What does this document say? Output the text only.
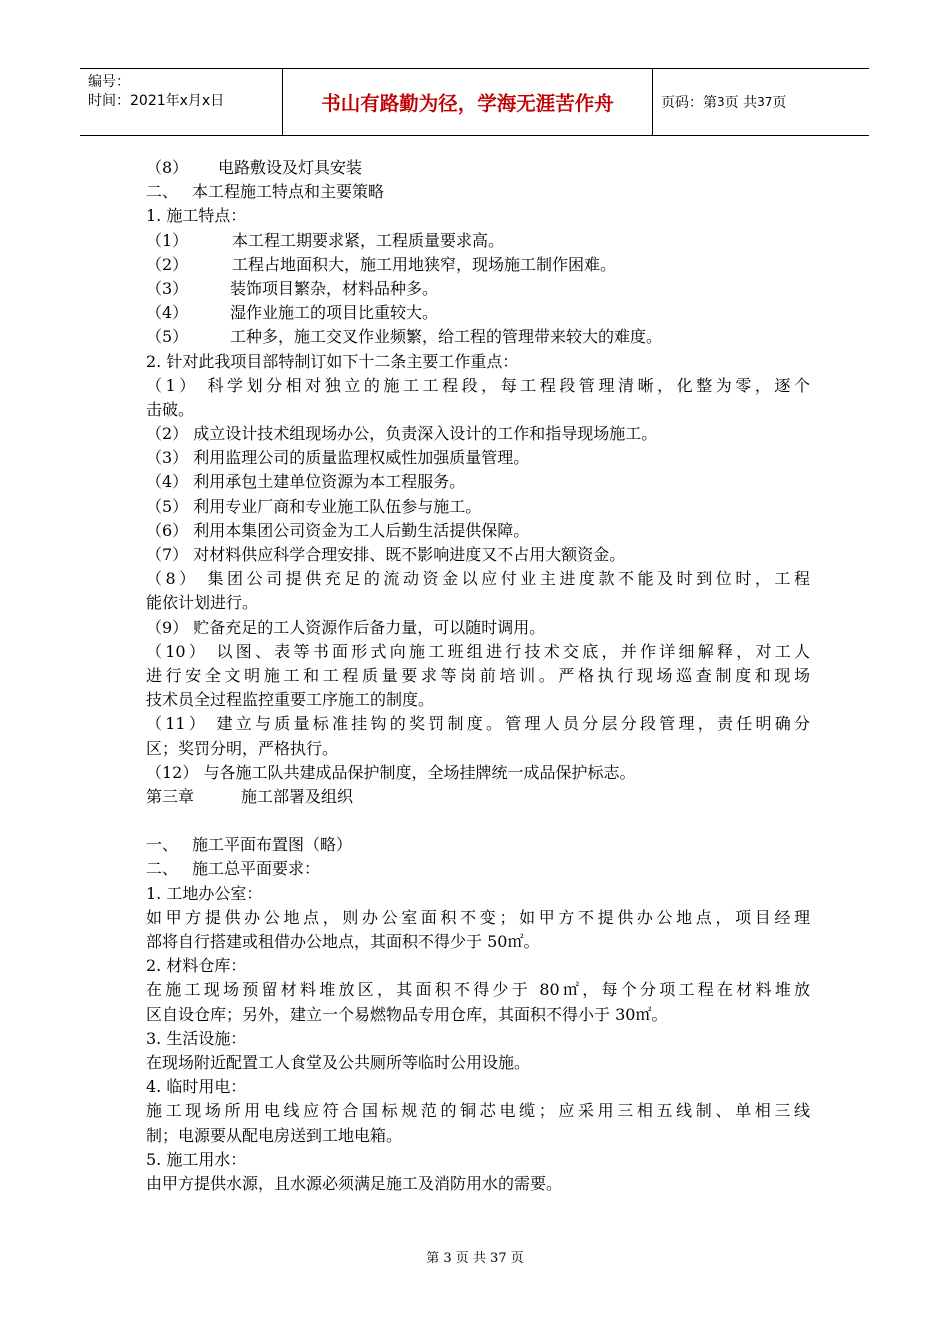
编号：
时间：2021年x月x日	书山有路勤为径，学海无涯苦作舟	页码：第 3 页 共 37 页
（8） 电路敷设及灯具安装
二、 本工程施工特点和主要策略
1. 施工特点：
（1）	本工程工期要求紧，工程质量要求高。
（2）	工程占地面积大，施工用地狭窄，现场施工制作困难。
（3）	装饰项目繁杂，材料品种多。
（4）	湿作业施工的项目比重较大。
（5）	工种多，施工交叉作业频繁，给工程的管理带来较大的难度。
2. 针对此我项目部特制订如下十二条主要工作重点：
（1） 科学划分相对独立的施工工程段，每工程段管理清晰，化整为零，逐个
击破。
（2） 成立设计技术组现场办公，负责深入设计的工作和指导现场施工。
（3） 利用监理公司的质量监理权威性加强质量管理。
（4） 利用承包土建单位资源为本工程服务。
（5） 利用专业厂商和专业施工队伍参与施工。
（6） 利用本集团公司资金为工人后勤生活提供保障。
（7） 对材料供应科学合理安排、既不影响进度又不占用大额资金。
（8） 集团公司提供充足的流动资金以应付业主进度款不能及时到位时，工程
能依计划进行。
（9） 贮备充足的工人资源作后备力量，可以随时调用。
（10） 以图、表等书面形式向施工班组进行技术交底，并作详细解释，对工人
进行安全文明施工和工程质量要求等岗前培训。严格执行现场巡查制度和现场
技术员全过程监控重要工序施工的制度。
（11） 建立与质量标准挂钩的奖罚制度。管理人员分层分段管理，责任明确分
区；奖罚分明，严格执行。
（12） 与各施工队共建成品保护制度，全场挂牌统一成品保护标志。
第三章	施工部署及组织
一、 施工平面布置图（略）
二、 施工总平面要求：
1. 工地办公室：
如甲方提供办公地点，则办公室面积不变；如甲方不提供办公地点，项目经理
部将自行搭建或租借办公地点，其面积不得少于 50㎡。
2. 材料仓库：
在施工现场预留材料堆放区，其面积不得少于 80㎡，每个分项工程在材料堆放
区自设仓库；另外，建立一个易燃物品专用仓库，其面积不得小于 30㎡。
3. 生活设施：
在现场附近配置工人食堂及公共厕所等临时公用设施。
4. 临时用电：
施工现场所用电线应符合国标规范的铜芯电缆；应采用三相五线制、单相三线
制；电源要从配电房送到工地电箱。
5. 施工用水：
由甲方提供水源，且水源必须满足施工及消防用水的需要。
第 3 页 共 37 页
